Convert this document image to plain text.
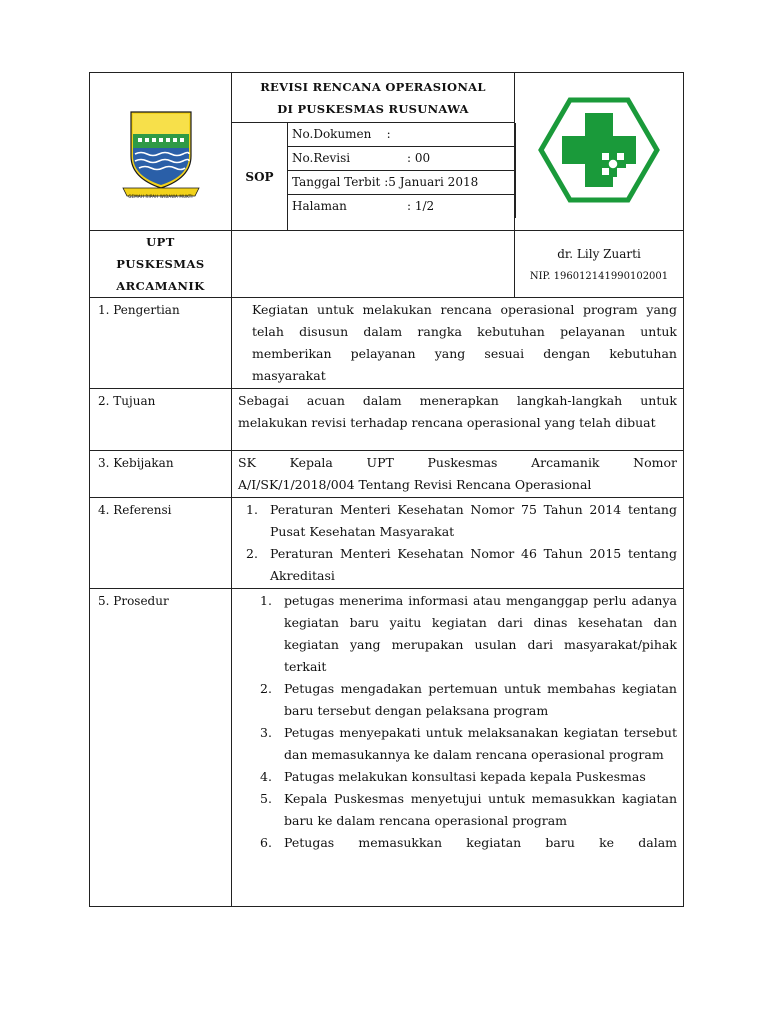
GEMAH RIPAH WIBAWA MUKTI

REVISI RENCANA OPERASIONAL
DI PUSKESMAS RUSUNAWA

SOP	
No.Dokumen :
No.Revisi	: 00
Tanggal Terbit :5 Januari 2018
Halaman	: 1/2

UPT
PUSKESMAS
ARCAMANIK

dr. Lily Zuarti
NIP. 196012141990102001

1. Pengertian	Kegiatan untuk melakukan rencana operasional program yang telah disusun dalam rangka kebutuhan pelayanan untuk memberikan pelayanan yang sesuai dengan kebutuhan masyarakat
2. Tujuan	Sebagai acuan dalam menerapkan langkah-langkah untuk melakukan revisi terhadap rencana operasional yang telah dibuat
3. Kebijakan	SK Kepala UPT Puskesmas Arcamanik Nomor
A/I/SK/1/2018/004 Tentang Revisi Rencana Operasional

4. Referensi	1. Peraturan Menteri Kesehatan Nomor 75 Tahun 2014 tentang Pusat Kesehatan Masyarakat
2. Peraturan Menteri Kesehatan Nomor 46 Tahun 2015 tentang Akreditasi

5. Prosedur	1. petugas menerima informasi atau menganggap perlu adanya kegiatan baru yaitu kegiatan dari dinas kesehatan dan kegiatan yang merupakan usulan dari masyarakat/pihak terkait
2. Petugas mengadakan pertemuan untuk membahas kegiatan baru tersebut dengan pelaksana program
3. Petugas menyepakati untuk melaksanakan kegiatan tersebut dan memasukannya ke dalam rencana operasional program
4. Patugas melakukan konsultasi kepada kepala Puskesmas
5. Kepala Puskesmas menyetujui untuk memasukkan kagiatan baru ke dalam rencana operasional program
6. Petugas memasukkan kegiatan baru ke dalam
